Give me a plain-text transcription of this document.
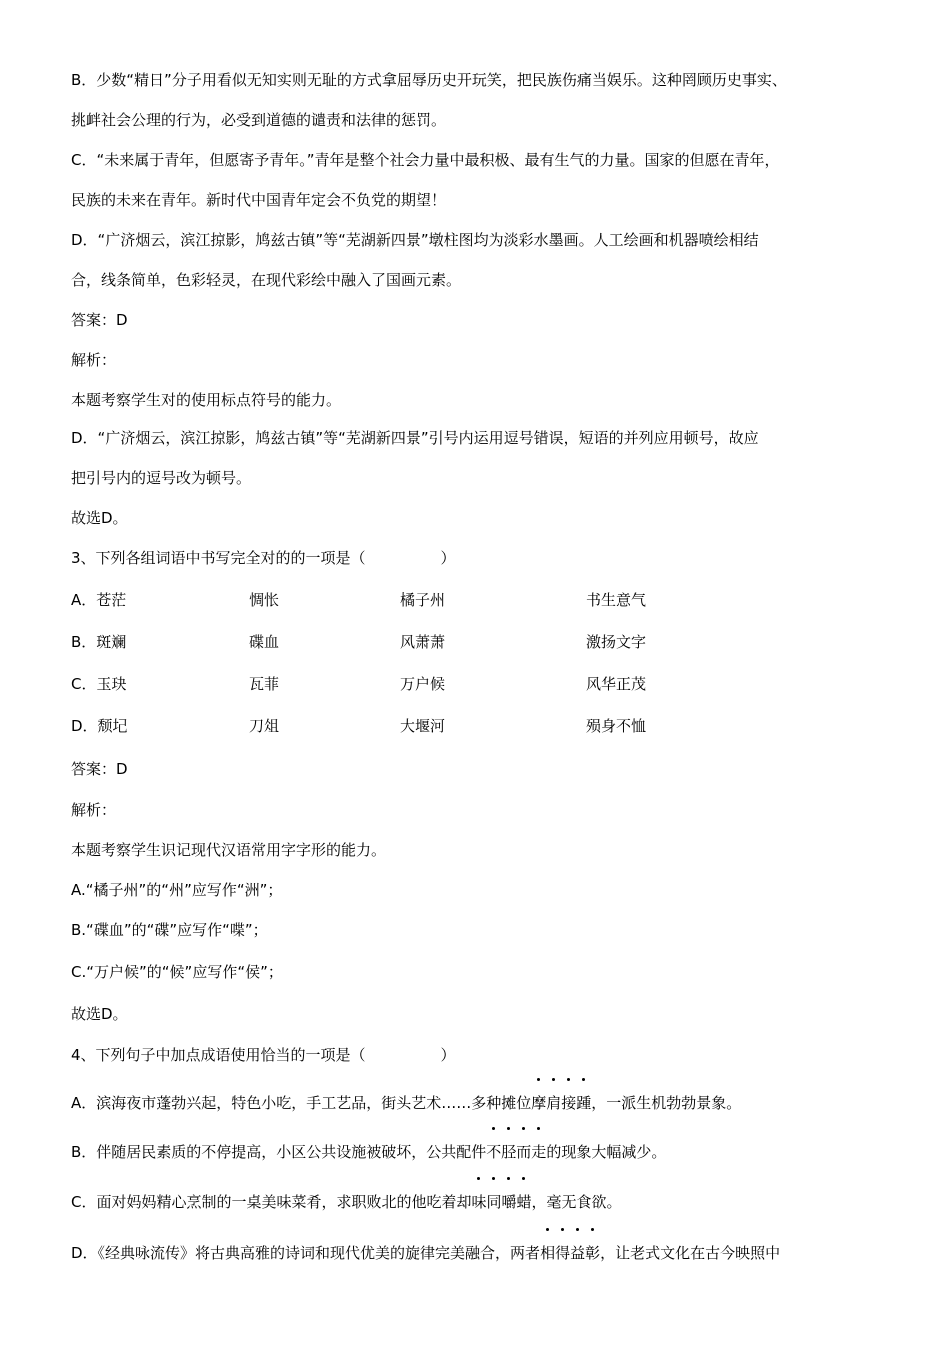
B．少数“精日”分子用看似无知实则无耻的方式拿屈辱历史开玩笑，把民族伤痛当娱乐。这种罔顾历史事实、
挑衅社会公理的行为，必受到道德的谴责和法律的惩罚。
C．“未来属于青年，但愿寄予青年。”青年是整个社会力量中最积极、最有生气的力量。国家的但愿在青年，
民族的未来在青年。新时代中国青年定会不负党的期望！
D．“广济烟云，滨江掠影，鸠兹古镇”等“芜湖新四景”墩柱图均为淡彩水墨画。人工绘画和机器喷绘相结
合，线条简单，色彩轻灵，在现代彩绘中融入了国画元素。
答案：D
解析：
本题考察学生对的使用标点符号的能力。
D．“广济烟云，滨江掠影，鸠兹古镇”等“芜湖新四景”引号内运用逗号错误，短语的并列应用顿号，故应
把引号内的逗号改为顿号。
故选D。
3、下列各组词语中书写完全对的的一项是（　　　　　）
A．苍茫	惆怅	橘子州	书生意气
B．斑斓	碟血	风萧萧	激扬文字
C．玉玦	瓦菲	万户候	风华正茂
D．颓圮	刀俎	大堰河	殒身不恤
答案：D
解析：
本题考察学生识记现代汉语常用字字形的能力。
A.“橘子州”的“州”应写作“洲”；
B.“碟血”的“碟”应写作“喋”；
C.“万户候”的“候”应写作“侯”；
故选D。
4、下列句子中加点成语使用恰当的一项是（　　　　　）
A．滨海夜市蓬勃兴起，特色小吃，手工艺品，街头艺术……多种摊位
摩肩接踵，一派生机勃勃景象。
B．伴随居民素质的不停提高，小区公共设施被破坏，公共配件
不胫而走的现象大幅减少。
C．面对妈妈精心烹制的一桌美味菜肴，求职败北的他吃着却
味同嚼蜡，毫无食欲。
D．《经典咏流传》将古典高雅的诗词和现代优美的旋律完美融合，两者
相得益彰，让老式文化在古今映照中
